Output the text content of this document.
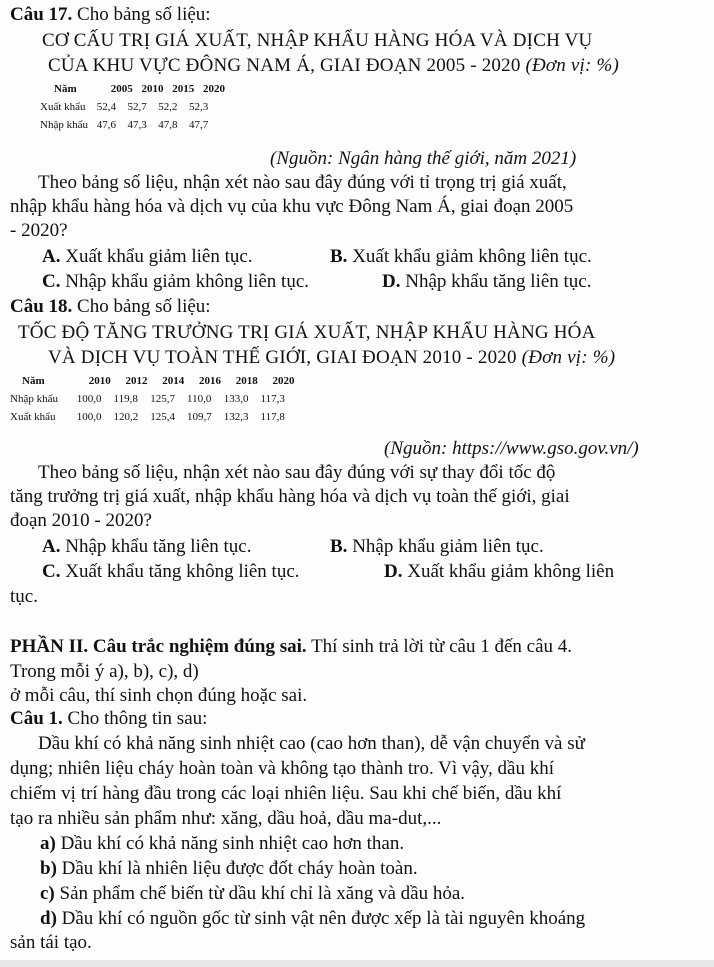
Câu 17. Cho bảng số liệu:
CƠ CẤU TRỊ GIÁ XUẤT, NHẬP KHẨU HÀNG HÓA VÀ DỊCH VỤ
CỦA KHU VỰC ĐÔNG NAM Á, GIAI ĐOẠN 2005 - 2020 (Đơn vị: %)
Năm	2005 2010 2015 2020
Xuất khẩu 52,4 52,7 52,2 52,3
Nhập khẩu 47,6 47,3 47,8 47,7
(Nguồn: Ngân hàng thế giới, năm 2021)
Theo bảng số liệu, nhận xét nào sau đây đúng với tỉ trọng trị giá xuất,
nhập khẩu hàng hóa và dịch vụ của khu vực Đông Nam Á, giai đoạn 2005
- 2020?
A. Xuất khẩu giảm liên tục.	B. Xuất khẩu giảm không liên tục.
C. Nhập khẩu giảm không liên tục.	D. Nhập khẩu tăng liên tục.
Câu 18. Cho bảng số liệu:
TỐC ĐỘ TĂNG TRƯỞNG TRỊ GIÁ XUẤT, NHẬP KHẨU HÀNG HÓA
VÀ DỊCH VỤ TOÀN THẾ GIỚI, GIAI ĐOẠN 2010 - 2020 (Đơn vị: %)
Năm	2010 2012 2014 2016 2018 2020
Nhập khẩu 100,0 119,8 125,7 110,0 133,0 117,3
Xuất khẩu 100,0 120,2 125,4 109,7 132,3 117,8
(Nguồn: https://www.gso.gov.vn/)
Theo bảng số liệu, nhận xét nào sau đây đúng với sự thay đổi tốc độ
tăng trưởng trị giá xuất, nhập khẩu hàng hóa và dịch vụ toàn thế giới, giai
đoạn 2010 - 2020?
A. Nhập khẩu tăng liên tục.	B. Nhập khẩu giảm liên tục.
C. Xuất khẩu tăng không liên tục.	D. Xuất khẩu giảm không liên
tục.
PHẦN II. Câu trắc nghiệm đúng sai. Thí sinh trả lời từ câu 1 đến câu 4.
Trong mỗi ý a), b), c), d)
ở mỗi câu, thí sinh chọn đúng hoặc sai.
Câu 1. Cho thông tin sau:
Dầu khí có khả năng sinh nhiệt cao (cao hơn than), dễ vận chuyển và sử
dụng; nhiên liệu cháy hoàn toàn và không tạo thành tro. Vì vậy, dầu khí
chiếm vị trí hàng đầu trong các loại nhiên liệu. Sau khi chế biến, dầu khí
tạo ra nhiều sản phẩm như: xăng, dầu hoả, dầu ma-dut,...
a) Dầu khí có khả năng sinh nhiệt cao hơn than.
b) Dầu khí là nhiên liệu được đốt cháy hoàn toàn.
c) Sản phẩm chế biến từ dầu khí chỉ là xăng và dầu hỏa.
d) Dầu khí có nguồn gốc từ sinh vật nên được xếp là tài nguyên khoáng
sản tái tạo.
